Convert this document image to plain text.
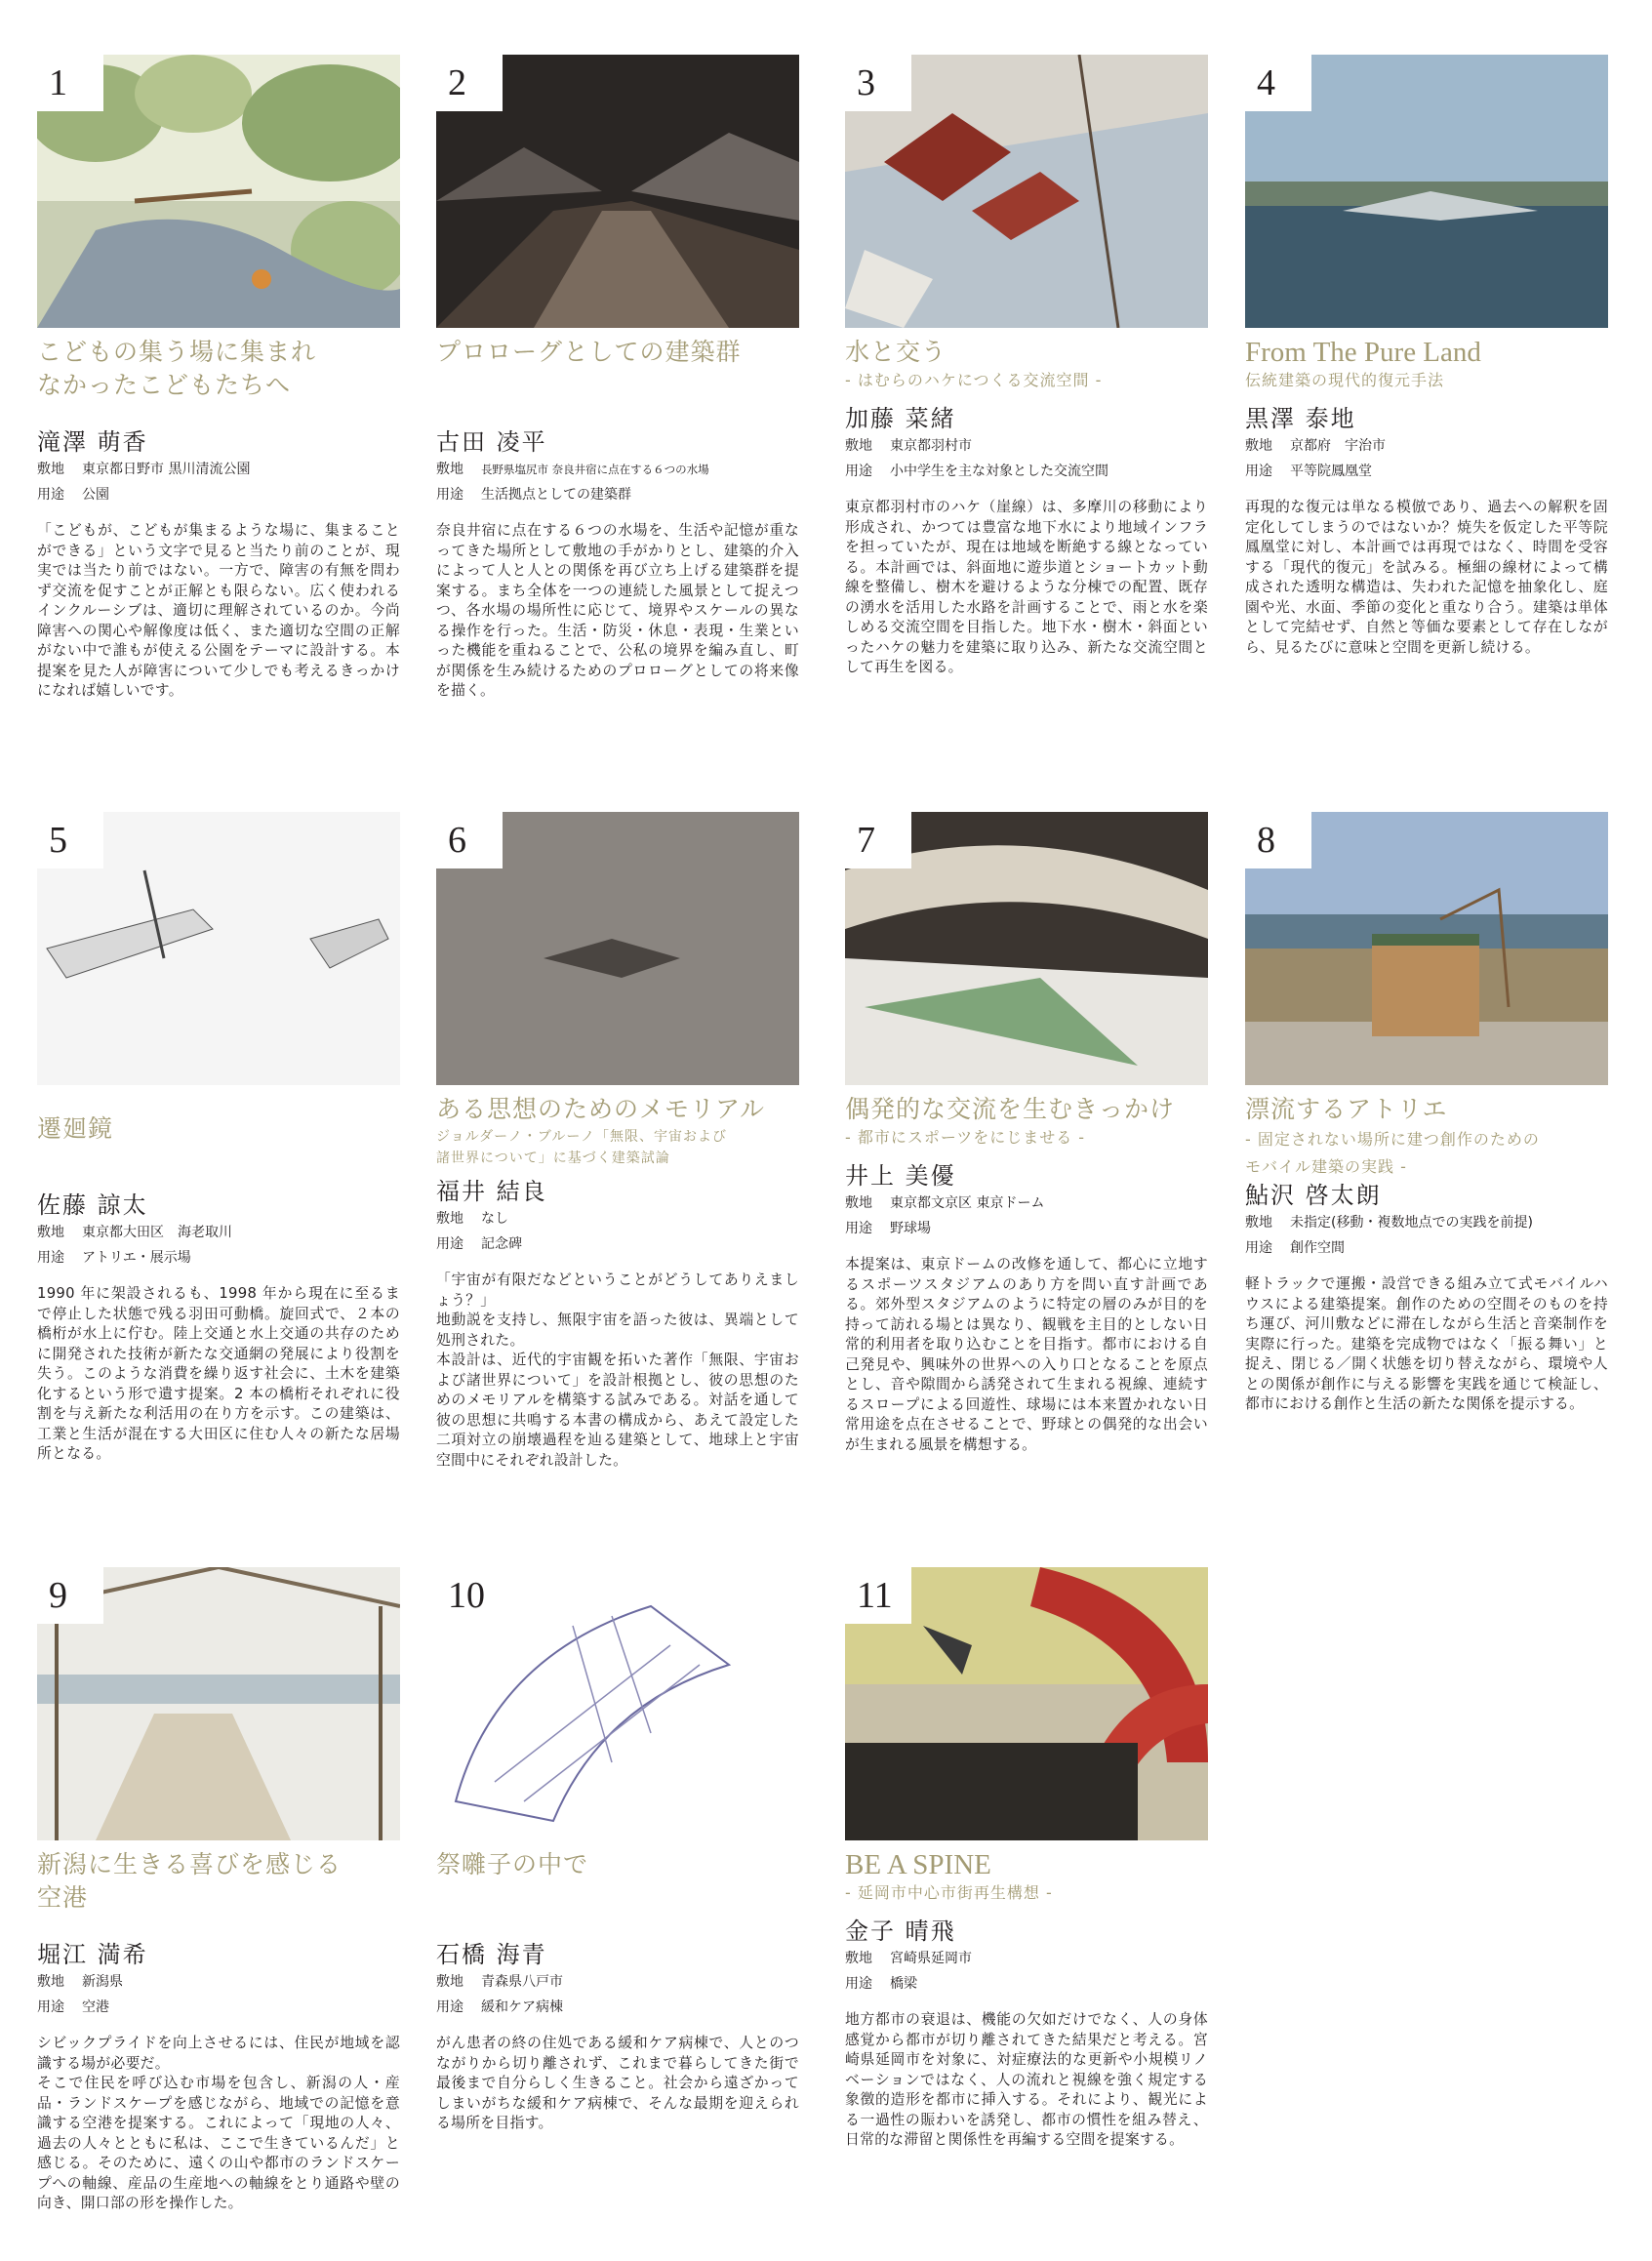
1
こどもの集う場に集まれ
なかったこどもたちへ
滝澤 萌香
敷地 東京都日野市 黒川清流公園
用途 公園
「こどもが、こどもが集まるような場に、集まることができる」という文字で見ると当たり前のことが、現実では当たり前ではない。一方で、障害の有無を問わず交流を促すことが正解とも限らない。広く使われるインクルーシブは、適切に理解されているのか。今尚障害への関心や解像度は低く、また適切な空間の正解がない中で誰もが使える公園をテーマに設計する。本提案を見た人が障害について少しでも考えるきっかけになれば嬉しいです。
2
プロローグとしての建築群
古田 凌平
敷地 長野県塩尻市 奈良井宿に点在する６つの水場
用途 生活拠点としての建築群
奈良井宿に点在する６つの水場を、生活や記憶が重なってきた場所として敷地の手がかりとし、建築的介入によって人と人との関係を再び立ち上げる建築群を提案する。まち全体を一つの連続した風景として捉えつつ、各水場の場所性に応じて、境界やスケールの異なる操作を行った。生活・防災・休息・表現・生業といった機能を重ねることで、公私の境界を編み直し、町が関係を生み続けるためのプロローグとしての将来像を描く。
3
水と交う
- はむらのハケにつくる交流空間 -
加藤 菜緒
敷地 東京都羽村市
用途 小中学生を主な対象とした交流空間
東京都羽村市のハケ（崖線）は、多摩川の移動により形成され、かつては豊富な地下水により地域インフラを担っていたが、現在は地域を断絶する線となっている。本計画では、斜面地に遊歩道とショートカット動線を整備し、樹木を避けるような分棟での配置、既存の湧水を活用した水路を計画することで、雨と水を楽しめる交流空間を目指した。地下水・樹木・斜面といったハケの魅力を建築に取り込み、新たな交流空間として再生を図る。
4
From The Pure Land
伝統建築の現代的復元手法
黒澤 泰地
敷地 京都府　宇治市
用途 平等院鳳凰堂
再現的な復元は単なる模倣であり、過去への解釈を固定化してしまうのではないか？焼失を仮定した平等院鳳凰堂に対し、本計画では再現ではなく、時間を受容する「現代的復元」を試みる。極細の線材によって構成された透明な構造は、失われた記憶を抽象化し、庭園や光、水面、季節の変化と重なり合う。建築は単体として完結せず、自然と等価な要素として存在しながら、見るたびに意味と空間を更新し続ける。
5
遷廻鏡
佐藤 諒太
敷地 東京都大田区　海老取川
用途 アトリエ・展示場
1990 年に架設されるも、1998 年から現在に至るまで停止した状態で残る羽田可動橋。旋回式で、２本の橋桁が水上に佇む。陸上交通と水上交通の共存のために開発された技術が新たな交通網の発展により役割を失う。このような消費を繰り返す社会に、土木を建築化するという形で遺す提案。2 本の橋桁それぞれに役割を与え新たな利活用の在り方を示す。この建築は、工業と生活が混在する大田区に住む人々の新たな居場所となる。
6
ある思想のためのメモリアル
ジョルダーノ・ブルーノ「無限、宇宙および
諸世界について」に基づく建築試論
福井 結良
敷地 なし
用途 記念碑
「宇宙が有限だなどということがどうしてありえましょう？」
地動説を支持し、無限宇宙を語った彼は、異端として処刑された。
本設計は、近代的宇宙観を拓いた著作「無限、宇宙および諸世界について」を設計根拠とし、彼の思想のためのメモリアルを構築する試みである。対話を通して彼の思想に共鳴する本書の構成から、あえて設定した二項対立の崩壊過程を辿る建築として、地球上と宇宙空間中にそれぞれ設計した。
7
偶発的な交流を生むきっかけ
- 都市にスポーツをにじませる -
井上 美優
敷地 東京都文京区 東京ドーム
用途 野球場
本提案は、東京ドームの改修を通して、都心に立地するスポーツスタジアムのあり方を問い直す計画である。郊外型スタジアムのように特定の層のみが目的を持って訪れる場とは異なり、観戦を主目的としない日常的利用者を取り込むことを目指す。都市における自己発見や、興味外の世界への入り口となることを原点とし、音や隙間から誘発されて生まれる視線、連続するスロープによる回遊性、球場には本来置かれない日常用途を点在させることで、野球との偶発的な出会いが生まれる風景を構想する。
8
漂流するアトリエ
- 固定されない場所に建つ創作のための
モバイル建築の実践 -
鮎沢 啓太朗
敷地 未指定(移動・複数地点での実践を前提)
用途 創作空間
軽トラックで運搬・設営できる組み立て式モバイルハウスによる建築提案。創作のための空間そのものを持ち運び、河川敷などに滞在しながら生活と音楽制作を実際に行った。建築を完成物ではなく「振る舞い」と捉え、閉じる／開く状態を切り替えながら、環境や人との関係が創作に与える影響を実践を通じて検証し、都市における創作と生活の新たな関係を提示する。
9
新潟に生きる喜びを感じる
空港
堀江 満希
敷地 新潟県
用途 空港
シビックプライドを向上させるには、住民が地域を認識する場が必要だ。
そこで住民を呼び込む市場を包含し、新潟の人・産品・ランドスケープを感じながら、地域での記憶を意識する空港を提案する。これによって「現地の人々、過去の人々とともに私は、ここで生きているんだ」と感じる。そのために、遠くの山や都市のランドスケープへの軸線、産品の生産地への軸線をとり通路や壁の向き、開口部の形を操作した。
10
祭囃子の中で
石橋 海青
敷地 青森県八戸市
用途 緩和ケア病棟
がん患者の終の住処である緩和ケア病棟で、人とのつながりから切り離されず、これまで暮らしてきた街で最後まで自分らしく生きること。社会から遠ざかってしまいがちな緩和ケア病棟で、そんな最期を迎えられる場所を目指す。
11
BE A SPINE
- 延岡市中心市街再生構想 -
金子 晴飛
敷地 宮崎県延岡市
用途 橋梁
地方都市の衰退は、機能の欠如だけでなく、人の身体感覚から都市が切り離されてきた結果だと考える。宮崎県延岡市を対象に、対症療法的な更新や小規模リノベーションではなく、人の流れと視線を強く規定する象徴的造形を都市に挿入する。それにより、観光による一過性の賑わいを誘発し、都市の慣性を組み替え、日常的な滞留と関係性を再編する空間を提案する。
